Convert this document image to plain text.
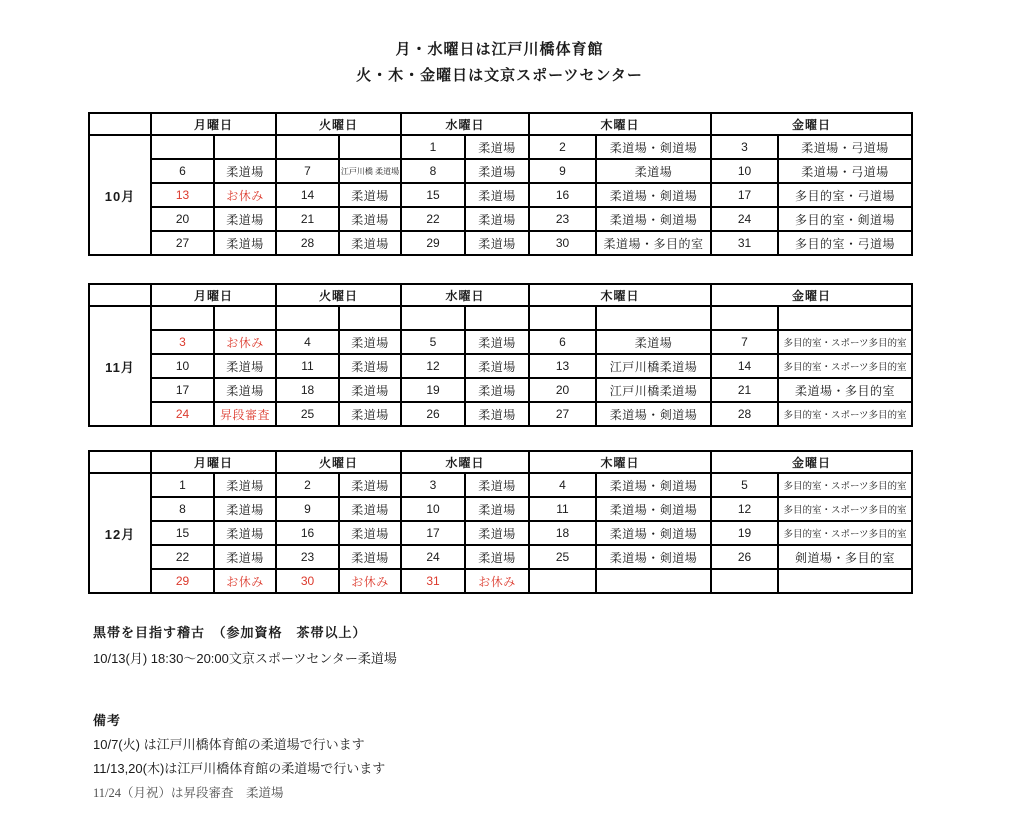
月・水曜日は江戸川橋体育館
火・木・金曜日は文京スポーツセンター
	月曜日		火曜日		水曜日		木曜日		金曜日	
10月					1	柔道場	2	柔道場・剣道場	3	柔道場・弓道場
	6	柔道場	7	江戸川橋 柔道場	8	柔道場	9	柔道場	10	柔道場・弓道場
	13	お休み	14	柔道場	15	柔道場	16	柔道場・剣道場	17	多目的室・弓道場
	20	柔道場	21	柔道場	22	柔道場	23	柔道場・剣道場	24	多目的室・剣道場
	27	柔道場	28	柔道場	29	柔道場	30	柔道場・多目的室	31	多目的室・弓道場
	月曜日		火曜日		水曜日		木曜日		金曜日	
11月										
	3	お休み	4	柔道場	5	柔道場	6	柔道場	7	多目的室・スポーツ多目的室
	10	柔道場	11	柔道場	12	柔道場	13	江戸川橋柔道場	14	多目的室・スポーツ多目的室
	17	柔道場	18	柔道場	19	柔道場	20	江戸川橋柔道場	21	柔道場・多目的室
	24	昇段審査	25	柔道場	26	柔道場	27	柔道場・剣道場	28	多目的室・スポーツ多目的室
	月曜日		火曜日		水曜日		木曜日		金曜日	
12月	1	柔道場	2	柔道場	3	柔道場	4	柔道場・剣道場	5	多目的室・スポーツ多目的室
	8	柔道場	9	柔道場	10	柔道場	11	柔道場・剣道場	12	多目的室・スポーツ多目的室
	15	柔道場	16	柔道場	17	柔道場	18	柔道場・剣道場	19	多目的室・スポーツ多目的室
	22	柔道場	23	柔道場	24	柔道場	25	柔道場・剣道場	26	剣道場・多目的室
	29	お休み	30	お休み	31	お休み				
黒帯を目指す稽古　（参加資格　茶帯以上）
10/13(月) 18:30～20:00文京スポーツセンター柔道場
備考
10/7(火) は江戸川橋体育館の柔道場で行います
11/13,20(木)は江戸川橋体育館の柔道場で行います
11/24（月祝）は昇段審査　柔道場
